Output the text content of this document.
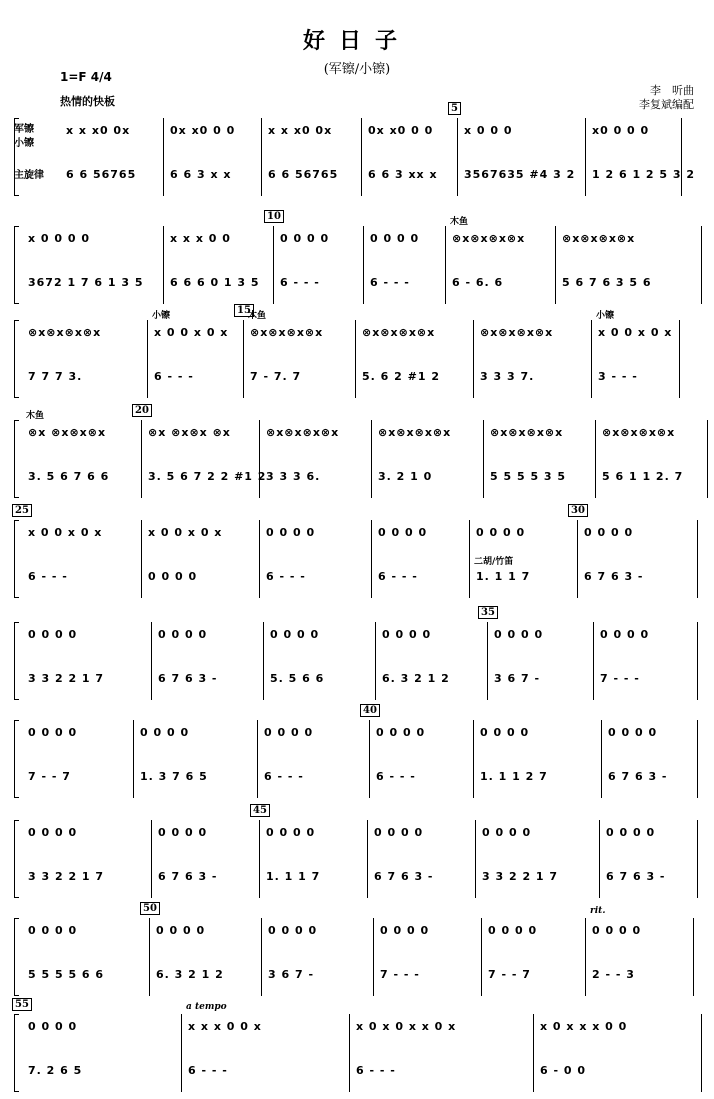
好日子
(军镲/小镲)
1=F 4/4
热情的快板
李　听曲
李复斌编配
军镲
小镲
主旋律
x x x0 0x
6 6 56765
0x x0 0 0
6 6 3 x x
x x x0 0x
6 6 56765
0x x0 0 0
6 6 3 xx x
x 0 0 0
3567635 #4 3 2
5
x0 0 0 0
1 2 6 1 2 5 3 2
x 0 0 0 0
3672 1 7 6 1 3 5
x x x 0 0
6 6 6 0 1 3 5
0 0 0 0
6 - - -
10
0 0 0 0
6 - - -
⊗x⊗x⊗x⊗x
6 - 6. 6
木鱼
⊗x⊗x⊗x⊗x
5 6 7 6 3 5 6
⊗x⊗x⊗x⊗x
7 7 7 3.
x 0 0 x 0 x
6 - - -
小镲
⊗x⊗x⊗x⊗x
7 - 7. 7
15
木鱼
⊗x⊗x⊗x⊗x
5. 6 2 #1 2
⊗x⊗x⊗x⊗x
3 3 3 7.
x 0 0 x 0 x
3 - - -
小镲
⊗x ⊗x⊗x⊗x
3. 5 6 7 6 6
木鱼
⊗x ⊗x⊗x ⊗x
3. 5 6 7 2 2 #1 2
20
⊗x⊗x⊗x⊗x
3 3 3 6.
⊗x⊗x⊗x⊗x
3. 2 1 0
⊗x⊗x⊗x⊗x
5 5 5 5 3 5
⊗x⊗x⊗x⊗x
5 6 1 1 2. 7
x 0 0 x 0 x
6 - - -
25
x 0 0 x 0 x
0 0 0 0
0 0 0 0
6 - - -
0 0 0 0
6 - - -
0 0 0 0
1. 1 1 7
二胡/竹笛
0 0 0 0
6 7 6 3 -
30
0 0 0 0
3 3 2 2 1 7
0 0 0 0
6 7 6 3 -
0 0 0 0
5. 5 6 6
0 0 0 0
6. 3 2 1 2
0 0 0 0
3 6 7 -
35
0 0 0 0
7 - - -
0 0 0 0
7 - - 7
0 0 0 0
1. 3 7 6 5
0 0 0 0
6 - - -
0 0 0 0
6 - - -
40
0 0 0 0
1. 1 1 2 7
0 0 0 0
6 7 6 3 -
0 0 0 0
3 3 2 2 1 7
0 0 0 0
6 7 6 3 -
0 0 0 0
1. 1 1 7
45
0 0 0 0
6 7 6 3 -
0 0 0 0
3 3 2 2 1 7
0 0 0 0
6 7 6 3 -
0 0 0 0
5 5 5 5 6 6
0 0 0 0
6. 3 2 1 2
50
0 0 0 0
3 6 7 -
0 0 0 0
7 - - -
0 0 0 0
7 - - 7
0 0 0 0
2 - - 3
rit.
0 0 0 0
7. 2 6 5
55
x x x 0 0 x
6 - - -
a tempo
x 0 x 0 x x 0 x
6 - - -
x 0 x x x 0 0
6 - 0 0
